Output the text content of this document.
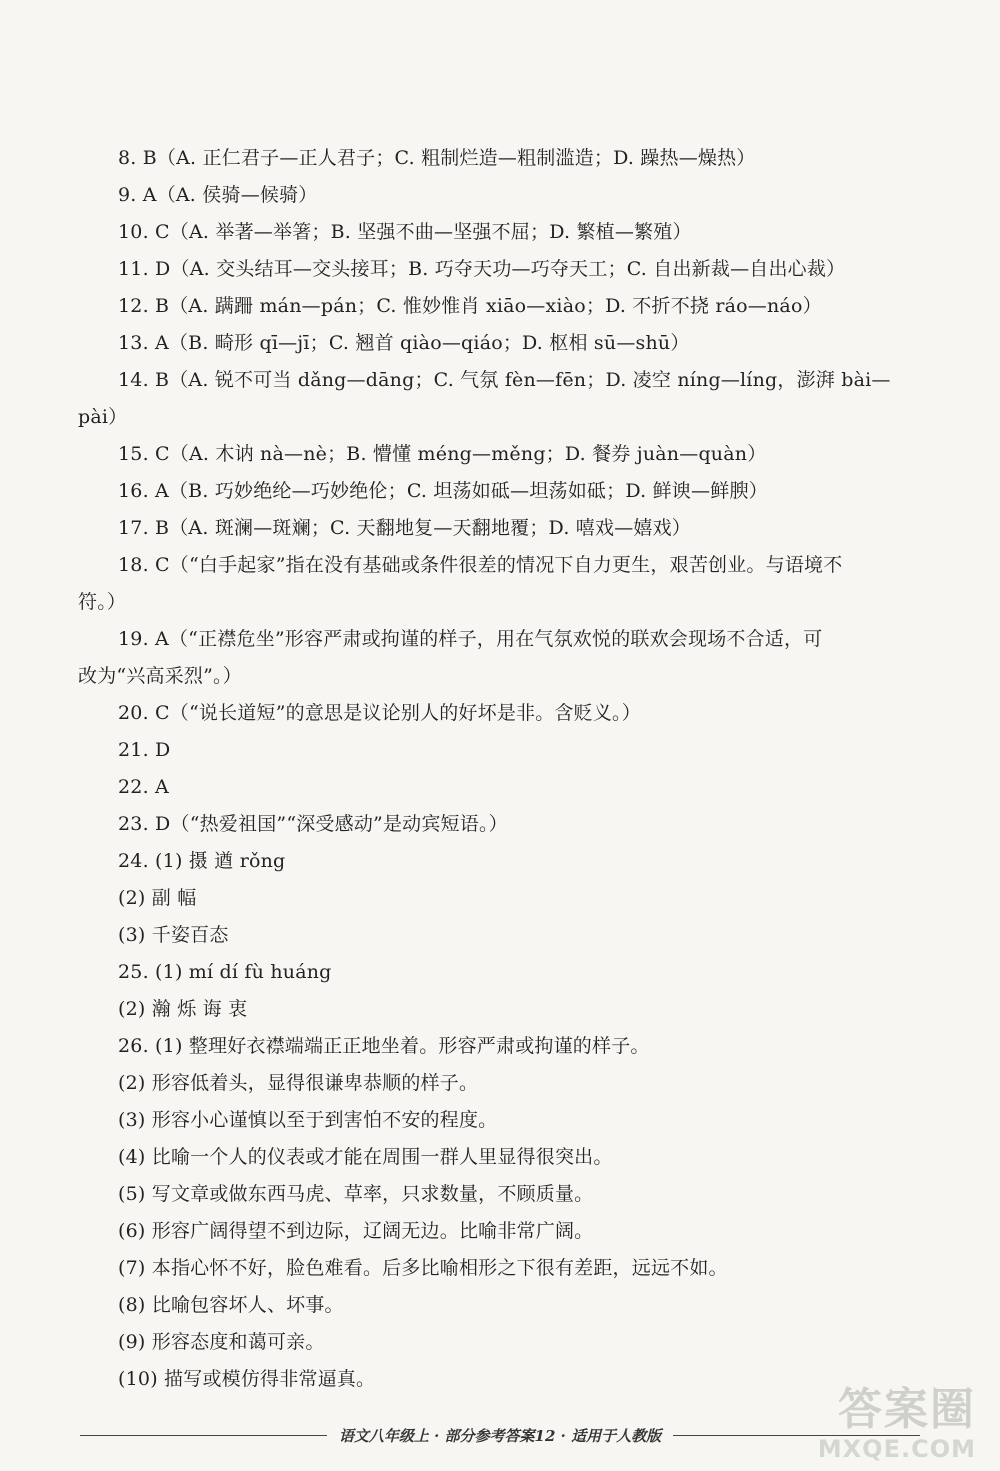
8. B（A. 正仁君子—正人君子；C. 粗制烂造—粗制滥造；D. 躁热—燥热）
9. A（A. 侯骑—候骑）
10. C（A. 举著—举箸；B. 坚强不曲—坚强不屈；D. 繁植—繁殖）
11. D（A. 交头结耳—交头接耳；B. 巧夺天功—巧夺天工；C. 自出新裁—自出心裁）
12. B（A. 蹒跚 mán—pán；C. 惟妙惟肖 xiāo—xiào；D. 不折不挠 ráo—náo）
13. A（B. 畸形 qī—jī；C. 翘首 qiào—qiáo；D. 枢相 sū—shū）
14. B（A. 锐不可当 dǎng—dāng；C. 气氛 fèn—fēn；D. 凌空 níng—líng，澎湃 bài—
pài）
15. C（A. 木讷 nà—nè；B. 懵懂 méng—měng；D. 餐券 juàn—quàn）
16. A（B. 巧妙绝纶—巧妙绝伦；C. 坦荡如砥—坦荡如砥；D. 鲜谀—鲜腴）
17. B（A. 斑澜—斑斓；C. 天翻地复—天翻地覆；D. 嘻戏—嬉戏）
18. C（“白手起家”指在没有基础或条件很差的情况下自力更生，艰苦创业。与语境不
符。）
19. A（“正襟危坐”形容严肃或拘谨的样子，用在气氛欢悦的联欢会现场不合适，可
改为“兴高采烈”。）
20. C（“说长道短”的意思是议论别人的好坏是非。含贬义。）
21. D
22. A
23. D（“热爱祖国”“深受感动”是动宾短语。）
24. (1) 摄 遒 rǒng
(2) 副 幅
(3) 千姿百态
25. (1) mí dí fù huáng
(2) 瀚 烁 诲 衷
26. (1) 整理好衣襟端端正正地坐着。形容严肃或拘谨的样子。
(2) 形容低着头，显得很谦卑恭顺的样子。
(3) 形容小心谨慎以至于到害怕不安的程度。
(4) 比喻一个人的仪表或才能在周围一群人里显得很突出。
(5) 写文章或做东西马虎、草率，只求数量，不顾质量。
(6) 形容广阔得望不到边际，辽阔无边。比喻非常广阔。
(7) 本指心怀不好，脸色难看。后多比喻相形之下很有差距，远远不如。
(8) 比喻包容坏人、坏事。
(9) 形容态度和蔼可亲。
(10) 描写或模仿得非常逼真。
语文八年级上 · 部分参考答案12 · 适用于人教版
答案圈
MXQE.COM
